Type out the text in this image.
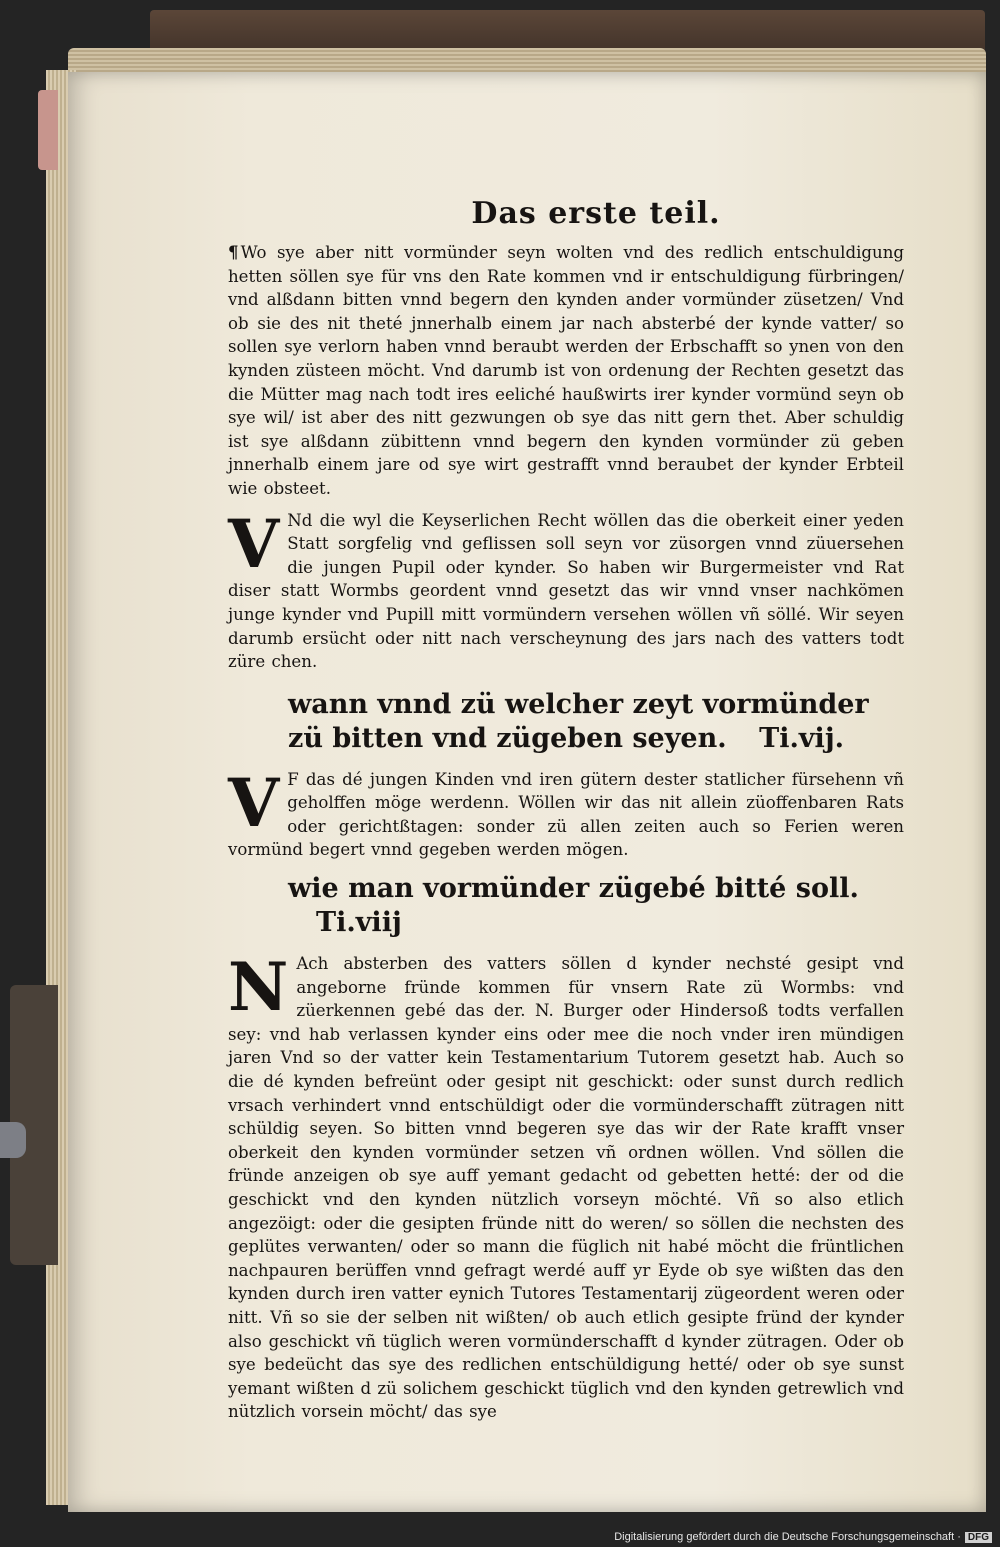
Das erste teil.

¶ Wo sye aber nitt vormünder seyn wolten vnd des redlich entschuldigung hetten söllen sye für vns den Rate kommen vnd ir entschuldigung fürbringen/ vnd alßdann bitten vnnd begern den kynden ander vormünder züsetzen/ Vnd ob sie des nit theté jnnerhalb einem jar nach absterbé der kynde vatter/ so sollen sye verlorn haben vnnd beraubt werden der Erbschafft so ynen von den kynden züsteen möcht. Vnd darumb ist von ordenung der Rechten gesetzt das die Mütter mag nach todt ires eeliché haußwirts irer kynder vormünd seyn ob sye wil/ ist aber des nitt gezwungen ob sye das nitt gern thet. Aber schuldig ist sye alßdann zübittenn vnnd begern den kynden vormünder zü geben jnnerhalb einem jare od sye wirt gestrafft vnnd beraubet der kynder Erbteil wie obsteet.

V Nd die wyl die Keyserlichen Recht wöllen das die oberkeit einer yeden Statt sorgfelig vnd geflissen soll seyn vor züsorgen vnnd züuersehen die jungen Pupil oder kynder. So haben wir Burgermeister vnd Rat diser statt Wormbs geordent vnnd gesetzt das wir vnnd vnser nachkömen junge kynder vnd Pupill mitt vormündern versehen wöllen vñ söllé. Wir seyen darumb ersücht oder nitt nach verscheynung des jars nach des vatters todt züre chen.

wann vnnd zü welcher zeyt vormünder zü bitten vnd zügeben seyen. Ti.vij.

V F das dé jungen Kinden vnd iren gütern dester statlicher fürsehenn vñ geholffen möge werdenn. Wöllen wir das nit allein züoffenbaren Rats oder gerichtßtagen: sonder zü allen zeiten auch so Ferien weren vormünd begert vnnd gegeben werden mögen.

wie man vormünder zügebé bitté soll. Ti.viij

N Ach absterben des vatters söllen d kynder nechsté gesipt vnd angeborne fründe kommen für vnsern Rate zü Wormbs: vnd züerkennen gebé das der. N. Burger oder Hindersoß todts verfallen sey: vnd hab verlassen kynder eins oder mee die noch vnder iren mündigen jaren Vnd so der vatter kein Testamentarium Tutorem gesetzt hab. Auch so die dé kynden befreünt oder gesipt nit geschickt: oder sunst durch redlich vrsach verhindert vnnd entschüldigt oder die vormünderschafft zütragen nitt schüldig seyen. So bitten vnnd begeren sye das wir der Rate krafft vnser oberkeit den kynden vormünder setzen vñ ordnen wöllen. Vnd söllen die fründe anzeigen ob sye auff yemant gedacht od gebetten hetté: der od die geschickt vnd den kynden nützlich vorseyn möchté. Vñ so also etlich angezöigt: oder die gesipten fründe nitt do weren/ so söllen die nechsten des geplütes verwanten/ oder so mann die füglich nit habé möcht die früntlichen nachpauren berüffen vnnd gefragt werdé auff yr Eyde ob sye wißten das den kynden durch iren vatter eynich Tutores Testamentarij zügeordent weren oder nitt. Vñ so sie der selben nit wißten/ ob auch etlich gesipte fründ der kynder also geschickt vñ tüglich weren vormünderschafft d kynder zütragen. Oder ob sye bedeücht das sye des redlichen entschüldigung hetté/ oder ob sye sunst yemant wißten d zü solichem geschickt tüglich vnd den kynden getrewlich vnd nützlich vorsein möcht/ das sye

Digitalisierung gefördert durch die Deutsche Forschungsgemeinschaft · DFG
